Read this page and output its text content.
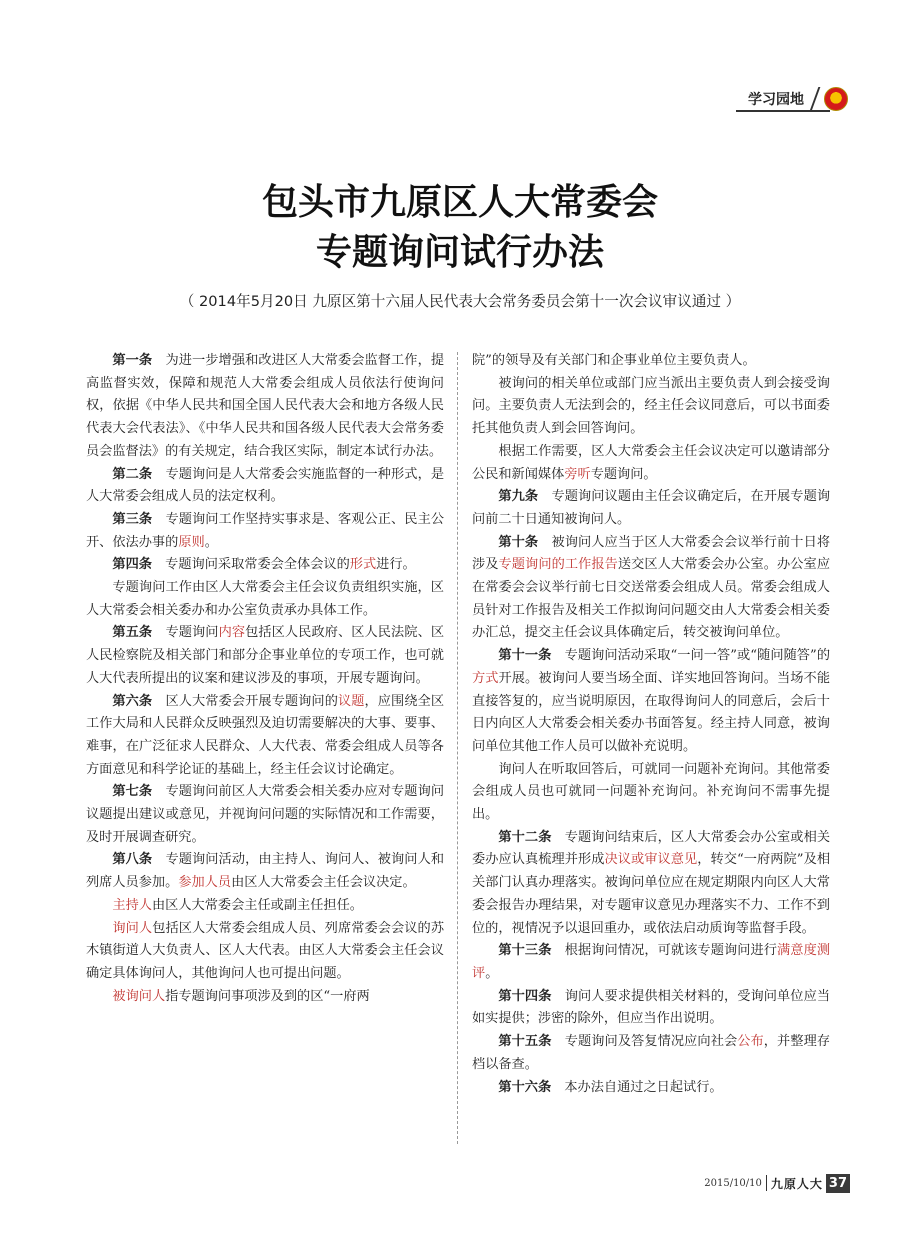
学习园地
包头市九原区人大常委会
专题询问试行办法
（ 2014年5月20日 九原区第十六届人民代表大会常务委员会第十一次会议审议通过 ）

第一条　 为进一步增强和改进区人大常委会监督工作，提高监督实效，保障和规范人大常委会组成人员依法行使询问权，依据《中华人民共和国全国人民代表大会和地方各级人民代表大会代表法》、《中华人民共和国各级人民代表大会常务委员会监督法》的有关规定，结合我区实际，制定本试行办法。

第二条　 专题询问是人大常委会实施监督的一种形式，是人大常委会组成人员的法定权利。

第三条　 专题询问工作坚持实事求是、客观公正、民主公开、依法办事的原则。

第四条　 专题询问采取常委会全体会议的形式进行。

专题询问工作由区人大常委会主任会议负责组织实施，区人大常委会相关委办和办公室负责承办具体工作。

第五条　 专题询问内容包括区人民政府、区人民法院、区人民检察院及相关部门和部分企事业单位的专项工作，也可就人大代表所提出的议案和建议涉及的事项，开展专题询问。

第六条　 区人大常委会开展专题询问的议题，应围绕全区工作大局和人民群众反映强烈及迫切需要解决的大事、要事、难事，在广泛征求人民群众、人大代表、常委会组成人员等各方面意见和科学论证的基础上，经主任会议讨论确定。

第七条　 专题询问前区人大常委会相关委办应对专题询问议题提出建议或意见，并视询问问题的实际情况和工作需要，及时开展调查研究。

第八条　 专题询问活动，由主持人、询问人、被询问人和列席人员参加。参加人员由区人大常委会主任会议决定。

主持人由区人大常委会主任或副主任担任。

询问人包括区人大常委会组成人员、列席常委会会议的苏木镇街道人大负责人、区人大代表。由区人大常委会主任会议确定具体询问人，其他询问人也可提出问题。

被询问人指专题询问事项涉及到的区“一府两

院”的领导及有关部门和企事业单位主要负责人。

被询问的相关单位或部门应当派出主要负责人到会接受询问。主要负责人无法到会的，经主任会议同意后，可以书面委托其他负责人到会回答询问。

根据工作需要，区人大常委会主任会议决定可以邀请部分公民和新闻媒体旁听专题询问。

第九条　 专题询问议题由主任会议确定后，在开展专题询问前二十日通知被询问人。

第十条　 被询问人应当于区人大常委会会议举行前十日将涉及专题询问的工作报告送交区人大常委会办公室。办公室应在常委会会议举行前七日交送常委会组成人员。常委会组成人员针对工作报告及相关工作拟询问问题交由人大常委会相关委办汇总，提交主任会议具体确定后，转交被询问单位。

第十一条　 专题询问活动采取“一问一答”或“随问随答”的方式开展。被询问人要当场全面、详实地回答询问。当场不能直接答复的，应当说明原因，在取得询问人的同意后，会后十日内向区人大常委会相关委办书面答复。经主持人同意，被询问单位其他工作人员可以做补充说明。

询问人在听取回答后，可就同一问题补充询问。其他常委会组成人员也可就同一问题补充询问。补充询问不需事先提出。

第十二条　 专题询问结束后，区人大常委会办公室或相关委办应认真梳理并形成决议或审议意见，转交“一府两院”及相关部门认真办理落实。被询问单位应在规定期限内向区人大常委会报告办理结果，对专题审议意见办理落实不力、工作不到位的，视情况予以退回重办，或依法启动质询等监督手段。

第十三条　 根据询问情况，可就该专题询问进行满意度测评。

第十四条　 询问人要求提供相关材料的，受询问单位应当如实提供；涉密的除外，但应当作出说明。

第十五条　 专题询问及答复情况应向社会公布，并整理存档以备查。

第十六条　 本办法自通过之日起试行。

2015/10/10 九原人大 37
